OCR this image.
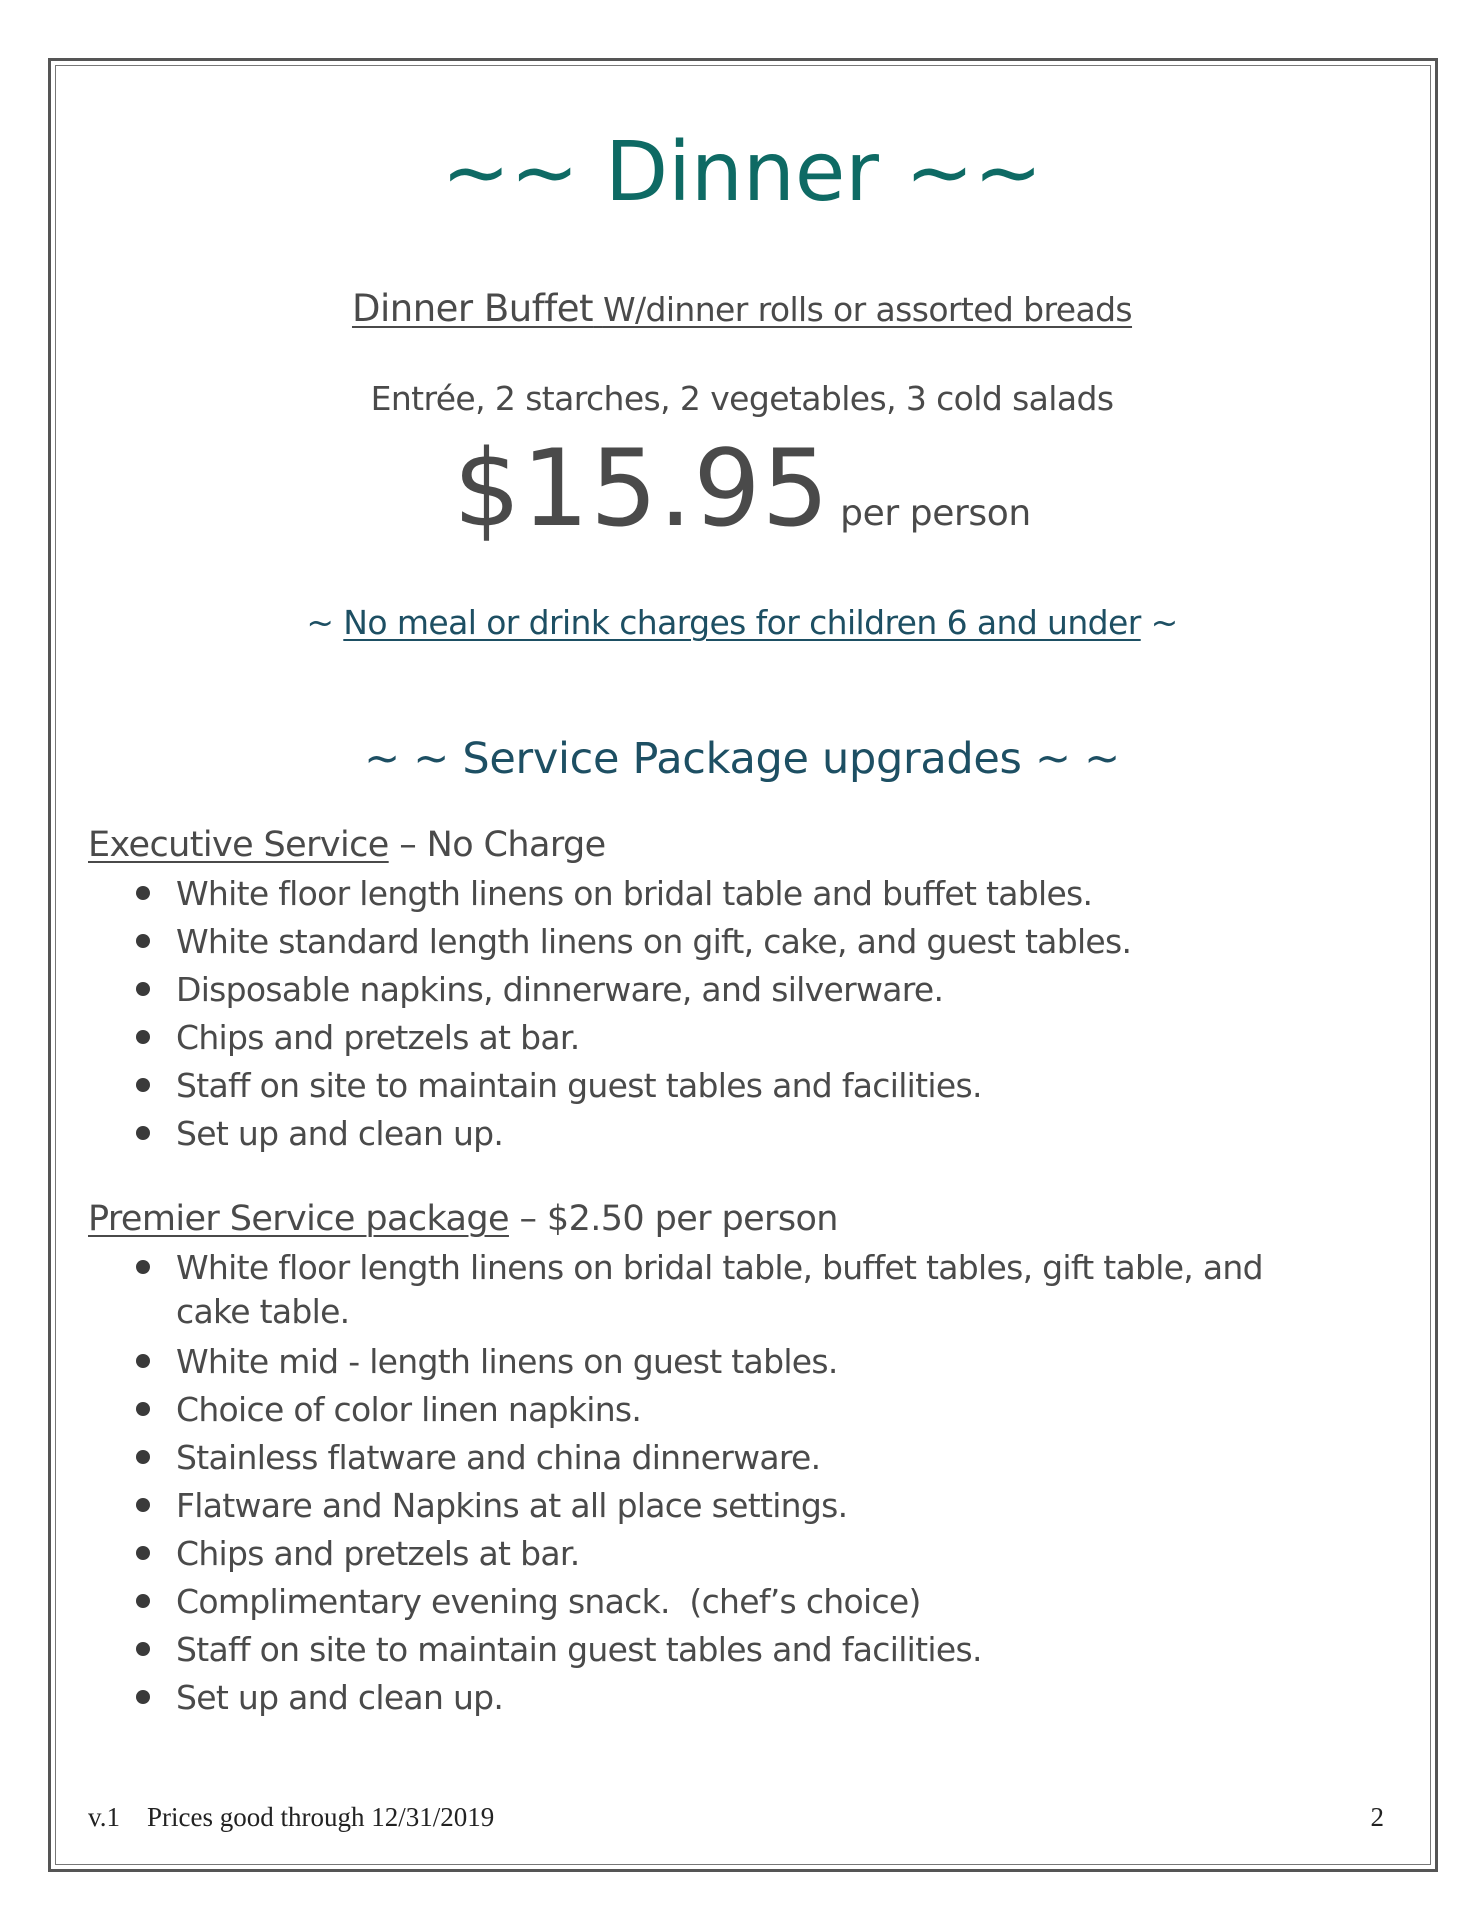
~~ Dinner ~~
Dinner Buffet W/dinner rolls or assorted breads
Entrée, 2 starches, 2 vegetables, 3 cold salads
$15.95 per person
~ No meal or drink charges for children 6 and under ~
~ ~ Service Package upgrades ~ ~
Executive Service – No Charge
White floor length linens on bridal table and buffet tables.
White standard length linens on gift, cake, and guest tables.
Disposable napkins, dinnerware, and silverware.
Chips and pretzels at bar.
Staff on site to maintain guest tables and facilities.
Set up and clean up.
Premier Service package – $2.50 per person
White floor length linens on bridal table, buffet tables, gift table, and cake table.
White mid - length linens on guest tables.
Choice of color linen napkins.
Stainless flatware and china dinnerware.
Flatware and Napkins at all place settings.
Chips and pretzels at bar.
Complimentary evening snack.  (chef’s choice)
Staff on site to maintain guest tables and facilities.
Set up and clean up.
v.1 Prices good through 12/31/2019	2
